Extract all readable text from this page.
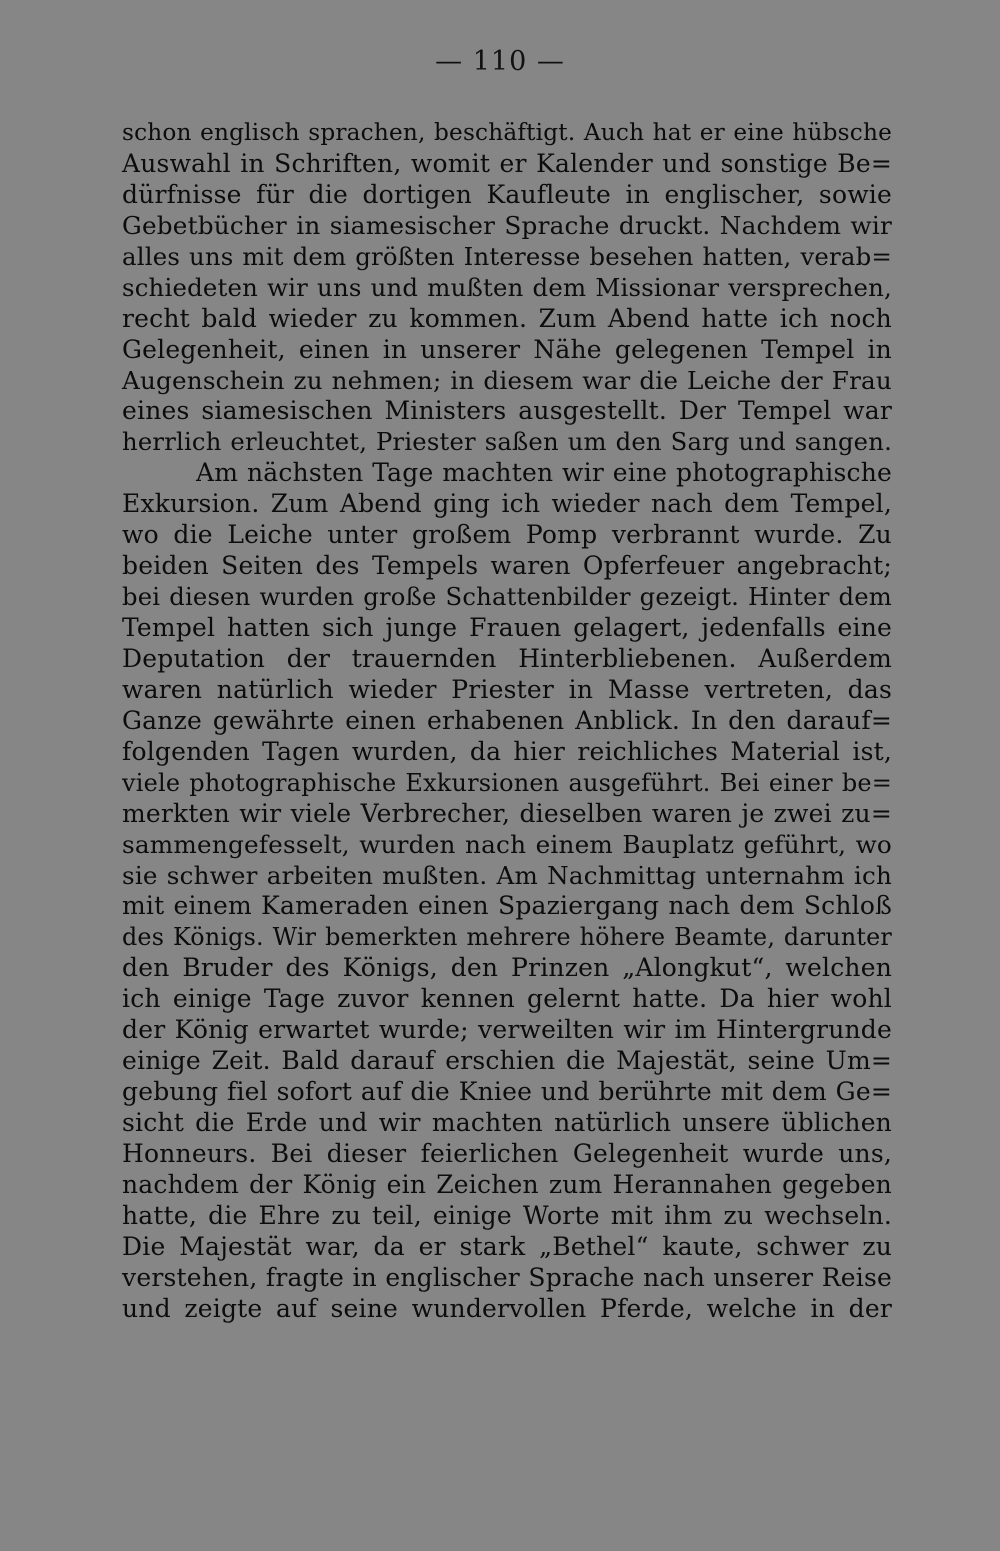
— 110 —
schon englisch sprachen, beschäftigt. Auch hat er eine hübsche
Auswahl in Schriften, womit er Kalender und sonstige Be=
dürfnisse für die dortigen Kaufleute in englischer, sowie
Gebetbücher in siamesischer Sprache druckt. Nachdem wir
alles uns mit dem größten Interesse besehen hatten, verab=
schiedeten wir uns und mußten dem Missionar versprechen,
recht bald wieder zu kommen. Zum Abend hatte ich noch
Gelegenheit, einen in unserer Nähe gelegenen Tempel in
Augenschein zu nehmen; in diesem war die Leiche der Frau
eines siamesischen Ministers ausgestellt. Der Tempel war
herrlich erleuchtet, Priester saßen um den Sarg und sangen.
Am nächsten Tage machten wir eine photographische
Exkursion. Zum Abend ging ich wieder nach dem Tempel,
wo die Leiche unter großem Pomp verbrannt wurde. Zu
beiden Seiten des Tempels waren Opferfeuer angebracht;
bei diesen wurden große Schattenbilder gezeigt. Hinter dem
Tempel hatten sich junge Frauen gelagert, jedenfalls eine
Deputation der trauernden Hinterbliebenen. Außerdem
waren natürlich wieder Priester in Masse vertreten, das
Ganze gewährte einen erhabenen Anblick. In den darauf=
folgenden Tagen wurden, da hier reichliches Material ist,
viele photographische Exkursionen ausgeführt. Bei einer be=
merkten wir viele Verbrecher, dieselben waren je zwei zu=
sammengefesselt, wurden nach einem Bauplatz geführt, wo
sie schwer arbeiten mußten. Am Nachmittag unternahm ich
mit einem Kameraden einen Spaziergang nach dem Schloß
des Königs. Wir bemerkten mehrere höhere Beamte, darunter
den Bruder des Königs, den Prinzen „Alongkut“, welchen
ich einige Tage zuvor kennen gelernt hatte. Da hier wohl
der König erwartet wurde; verweilten wir im Hintergrunde
einige Zeit. Bald darauf erschien die Majestät, seine Um=
gebung fiel sofort auf die Kniee und berührte mit dem Ge=
sicht die Erde und wir machten natürlich unsere üblichen
Honneurs. Bei dieser feierlichen Gelegenheit wurde uns,
nachdem der König ein Zeichen zum Herannahen gegeben
hatte, die Ehre zu teil, einige Worte mit ihm zu wechseln.
Die Majestät war, da er stark „Bethel“ kaute, schwer zu
verstehen, fragte in englischer Sprache nach unserer Reise
und zeigte auf seine wundervollen Pferde, welche in der
